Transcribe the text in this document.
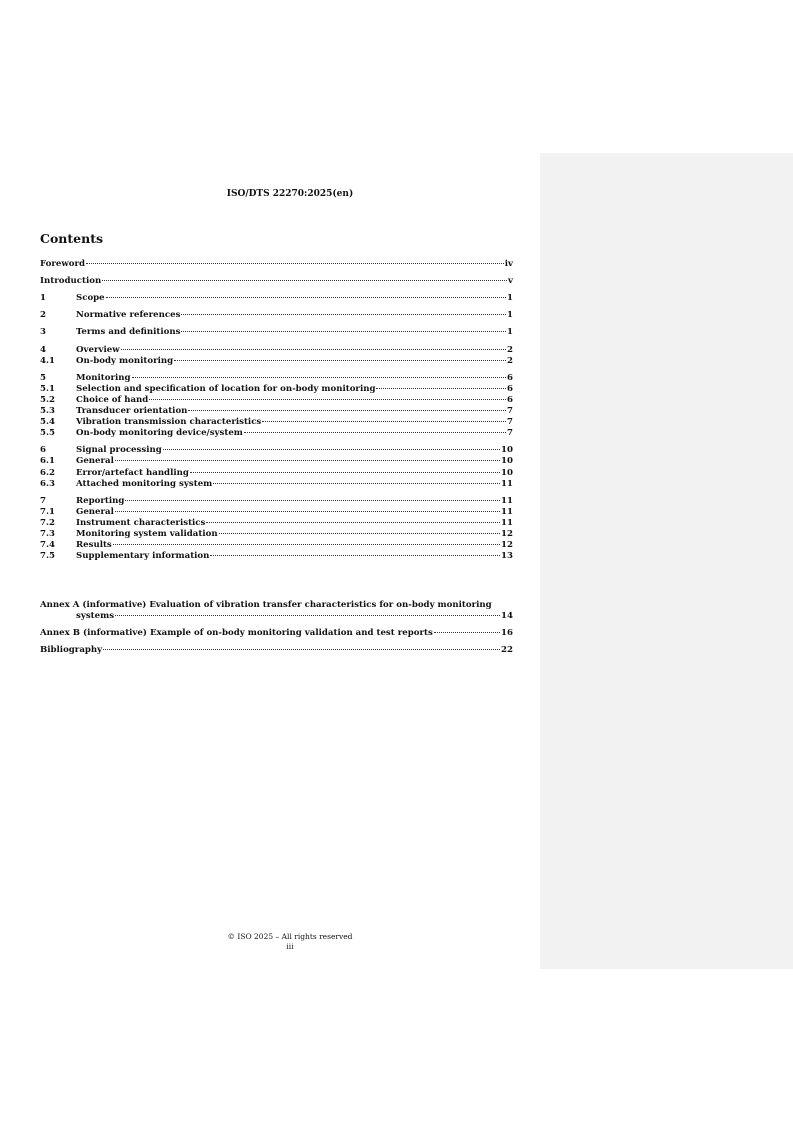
ISO/DTS 22270:2025(en)
Contents
Foreword	iv
Introduction	v
1	Scope	1
2	Normative references	1
3	Terms and definitions	1
4	Overview	2
4.1 On-body monitoring	2
5	Monitoring	6
5.1 Selection and specification of location for on-body monitoring	6
5.2 Choice of hand	6
5.3 Transducer orientation	7
5.4 Vibration transmission characteristics	7
5.5 On-body monitoring device/system	7
6	Signal processing	10
6.1 General	10
6.2 Error/artefact handling	10
6.3 Attached monitoring system	11
7	Reporting	11
7.1 General	11
7.2 Instrument characteristics	11
7.3 Monitoring system validation	12
7.4 Results	12
7.5 Supplementary information	13
Annex A (informative) Evaluation of vibration transfer characteristics for on-body monitoring
systems	14
Annex B (informative) Example of on-body monitoring validation and test reports	16
Bibliography	22
© ISO 2025 – All rights reserved
iii
